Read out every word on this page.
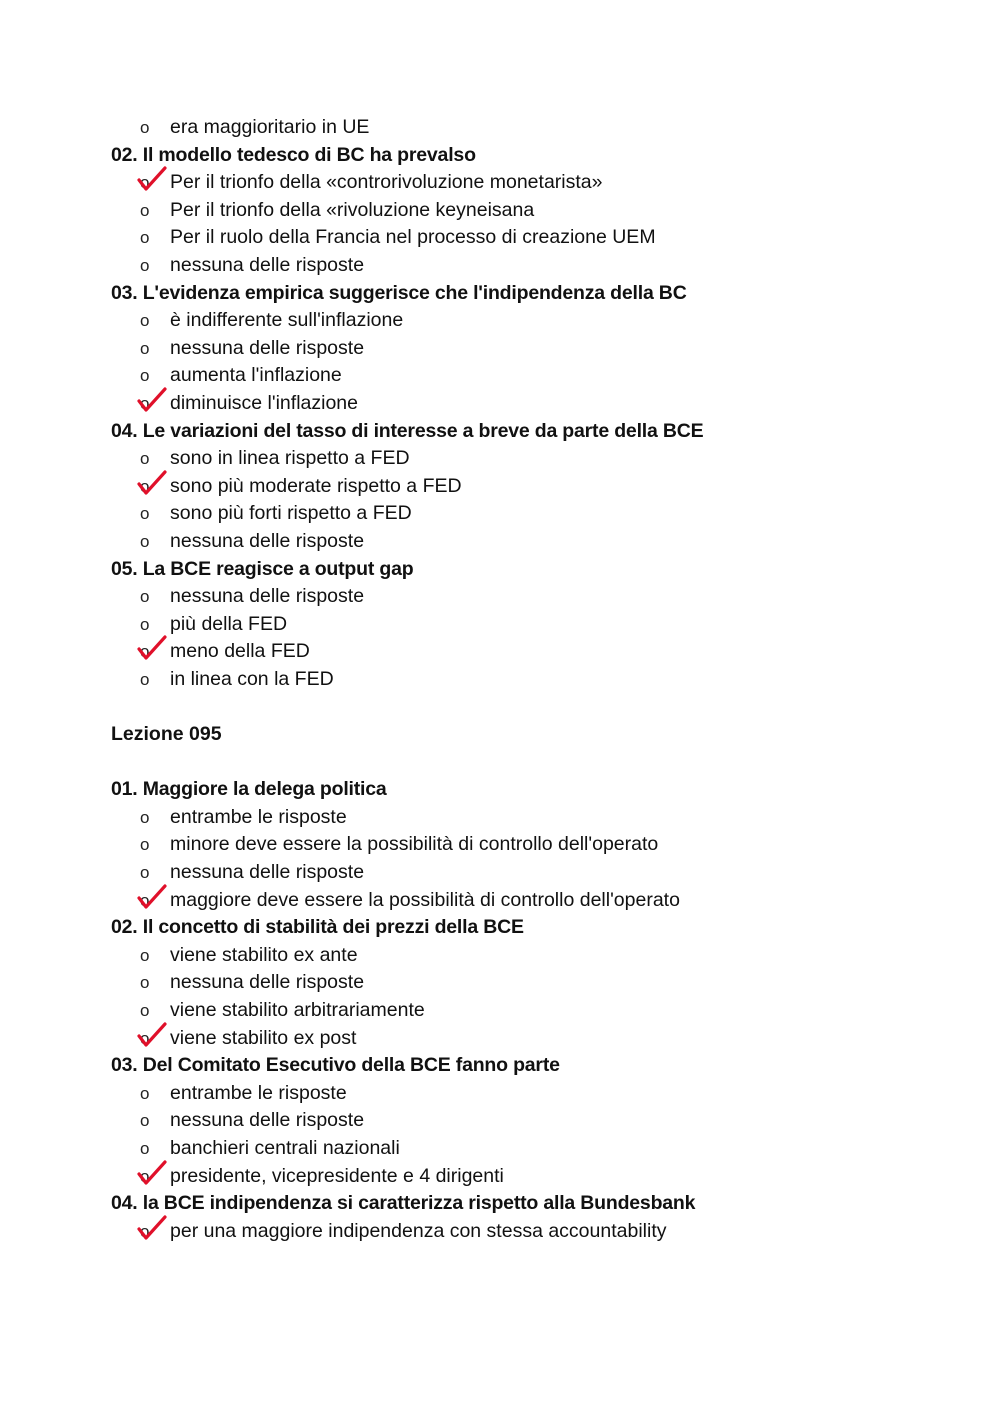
o era maggioritario in UE
02. Il modello tedesco di BC ha prevalso
o Per il trionfo della «controrivoluzione monetarista»
o Per il trionfo della «rivoluzione keyneisana
o Per il ruolo della Francia nel processo di creazione UEM
o nessuna delle risposte
03. L'evidenza empirica suggerisce che l'indipendenza della BC
o è indifferente sull'inflazione
o nessuna delle risposte
o aumenta l'inflazione
o diminuisce l'inflazione
04. Le variazioni del tasso di interesse a breve da parte della BCE
o sono in linea rispetto a FED
o sono più moderate rispetto a FED
o sono più forti rispetto a FED
o nessuna delle risposte
05. La BCE reagisce a output gap
o nessuna delle risposte
o più della FED
o meno della FED
o in linea con la FED
Lezione 095
01. Maggiore la delega politica
o entrambe le risposte
o minore deve essere la possibilità di controllo dell'operato
o nessuna delle risposte
o maggiore deve essere la possibilità di controllo dell'operato
02. Il concetto di stabilità dei prezzi della BCE
o viene stabilito ex ante
o nessuna delle risposte
o viene stabilito arbitrariamente
o viene stabilito ex post
03. Del Comitato Esecutivo della BCE fanno parte
o entrambe le risposte
o nessuna delle risposte
o banchieri centrali nazionali
o presidente, vicepresidente e 4 dirigenti
04. la BCE indipendenza si caratterizza rispetto alla Bundesbank
o per una maggiore indipendenza con stessa accountability
